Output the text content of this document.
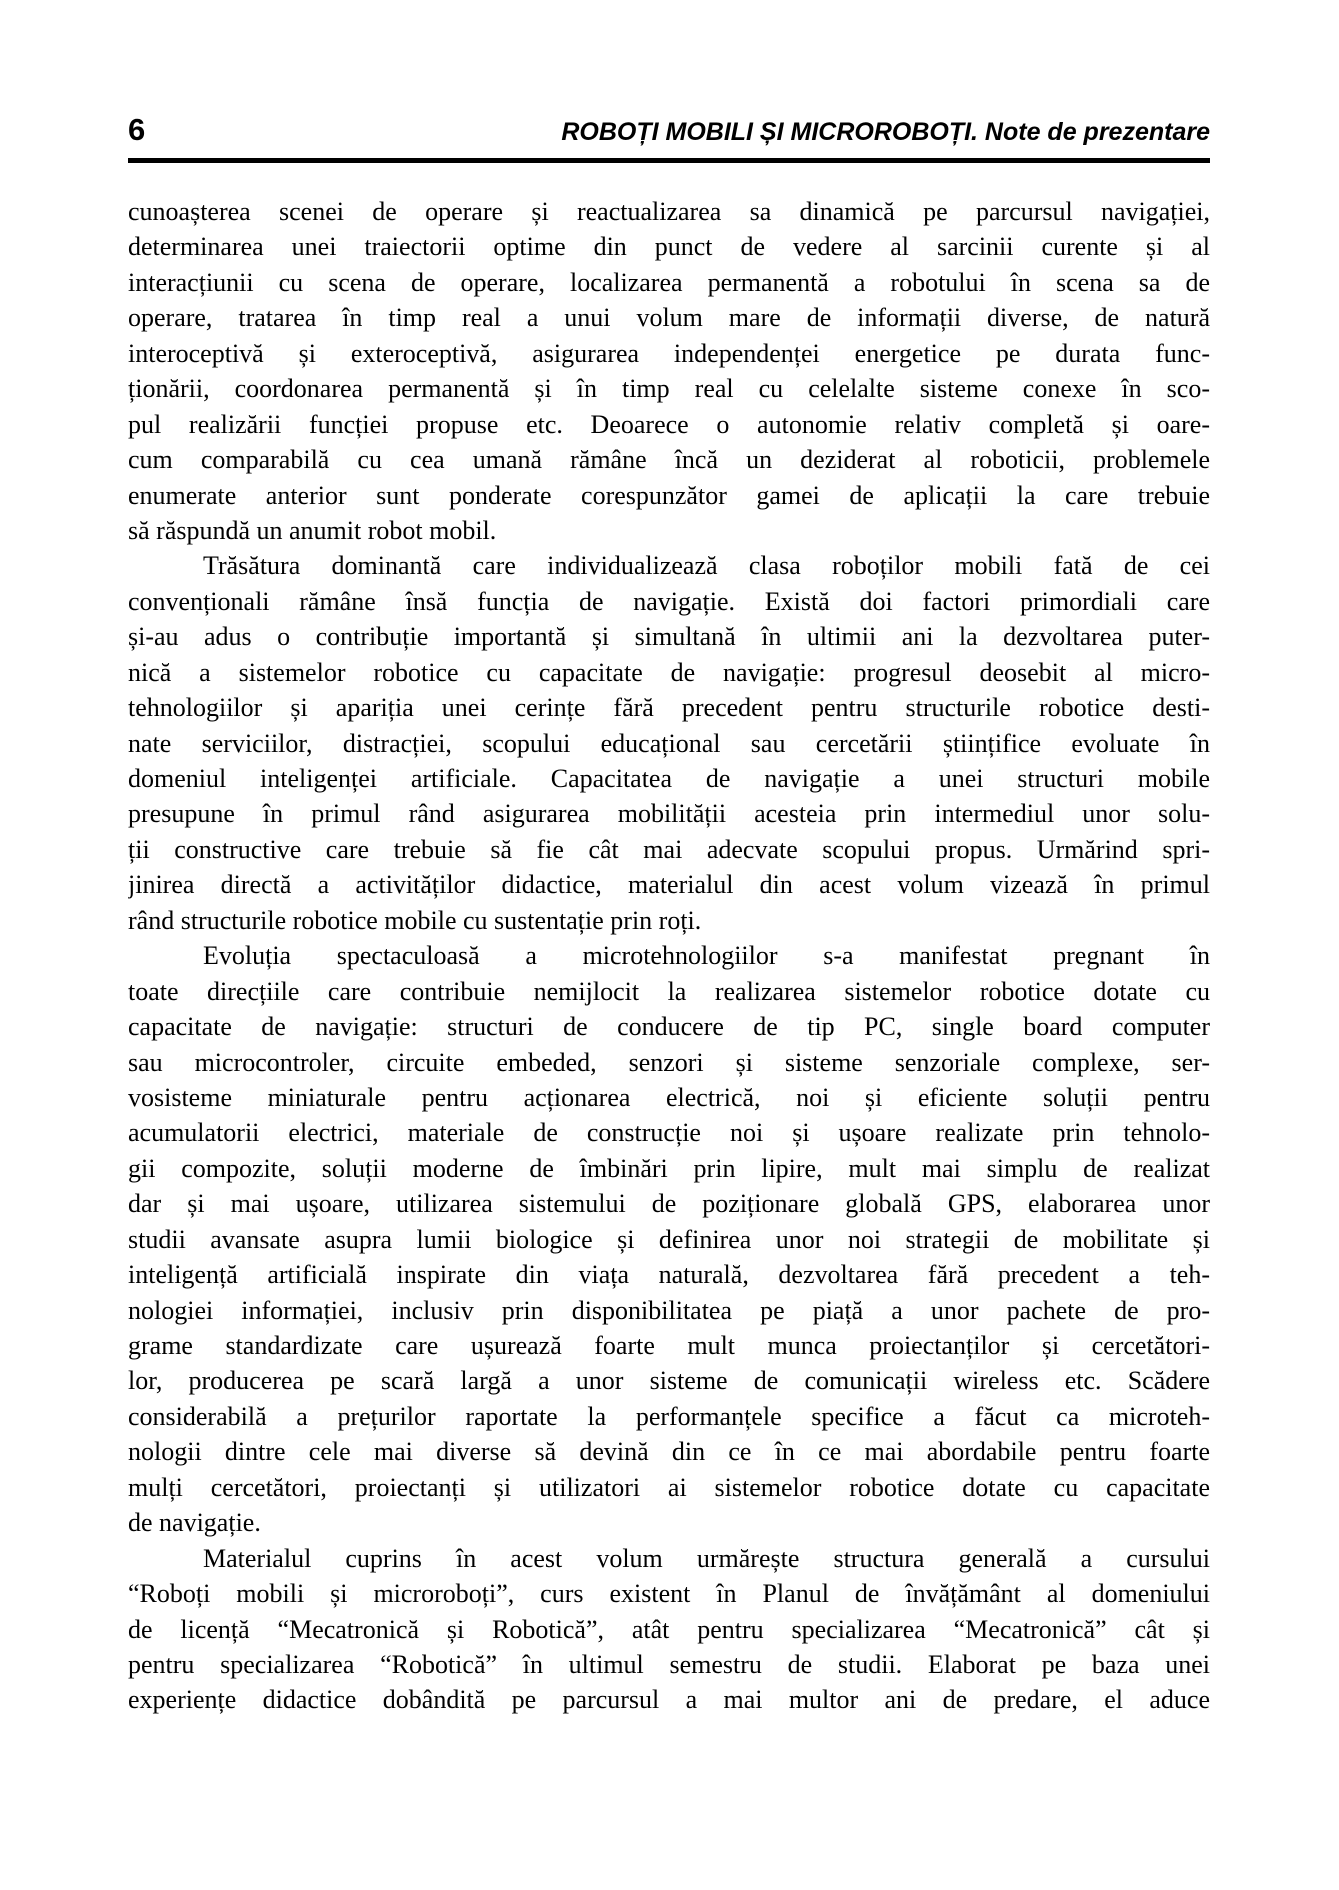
6	ROBOȚI MOBILI ȘI MICROROBOȚI. Note de prezentare
cunoașterea scenei de operare și reactualizarea sa dinamică pe parcursul navigației,
determinarea unei traiectorii optime din punct de vedere al sarcinii curente și al
interacțiunii cu scena de operare, localizarea permanentă a robotului în scena sa de
operare, tratarea în timp real a unui volum mare de informații diverse, de natură
interoceptivă și exteroceptivă, asigurarea independenței energetice pe durata func-
ționării, coordonarea permanentă și în timp real cu celelalte sisteme conexe în sco-
pul realizării funcției propuse etc. Deoarece o autonomie relativ completă și oare-
cum comparabilă cu cea umană rămâne încă un deziderat al roboticii, problemele
enumerate anterior sunt ponderate corespunzător gamei de aplicații la care trebuie
să răspundă un anumit robot mobil.
Trăsătura dominantă care individualizează clasa roboților mobili fată de cei
convenționali rămâne însă funcția de navigație. Există doi factori primordiali care
și-au adus o contribuție importantă și simultană în ultimii ani la dezvoltarea puter-
nică a sistemelor robotice cu capacitate de navigație: progresul deosebit al micro-
tehnologiilor și apariția unei cerințe fără precedent pentru structurile robotice desti-
nate serviciilor, distracției, scopului educațional sau cercetării științifice evoluate în
domeniul inteligenței artificiale. Capacitatea de navigație a unei structuri mobile
presupune în primul rând asigurarea mobilității acesteia prin intermediul unor solu-
ții constructive care trebuie să fie cât mai adecvate scopului propus. Urmărind spri-
jinirea directă a activităților didactice, materialul din acest volum vizează în primul
rând structurile robotice mobile cu sustentație prin roți.
Evoluția spectaculoasă a microtehnologiilor s-a manifestat pregnant în
toate direcțiile care contribuie nemijlocit la realizarea sistemelor robotice dotate cu
capacitate de navigație: structuri de conducere de tip PC, single board computer
sau microcontroler, circuite embeded, senzori și sisteme senzoriale complexe, ser-
vosisteme miniaturale pentru acționarea electrică, noi și eficiente soluții pentru
acumulatorii electrici, materiale de construcție noi și ușoare realizate prin tehnolo-
gii compozite, soluții moderne de îmbinări prin lipire, mult mai simplu de realizat
dar și mai ușoare, utilizarea sistemului de poziționare globală GPS, elaborarea unor
studii avansate asupra lumii biologice și definirea unor noi strategii de mobilitate și
inteligență artificială inspirate din viața naturală, dezvoltarea fără precedent a teh-
nologiei informației, inclusiv prin disponibilitatea pe piață a unor pachete de pro-
grame standardizate care ușurează foarte mult munca proiectanților și cercetători-
lor, producerea pe scară largă a unor sisteme de comunicații wireless etc. Scădere
considerabilă a prețurilor raportate la performanțele specifice a făcut ca microteh-
nologii dintre cele mai diverse să devină din ce în ce mai abordabile pentru foarte
mulți cercetători, proiectanți și utilizatori ai sistemelor robotice dotate cu capacitate
de navigație.
Materialul cuprins în acest volum urmărește structura generală a cursului
“Roboți mobili și microroboți”, curs existent în Planul de învățământ al domeniului
de licență “Mecatronică și Robotică”, atât pentru specializarea “Mecatronică” cât și
pentru specializarea “Robotică” în ultimul semestru de studii. Elaborat pe baza unei
experiențe didactice dobândită pe parcursul a mai multor ani de predare, el aduce
